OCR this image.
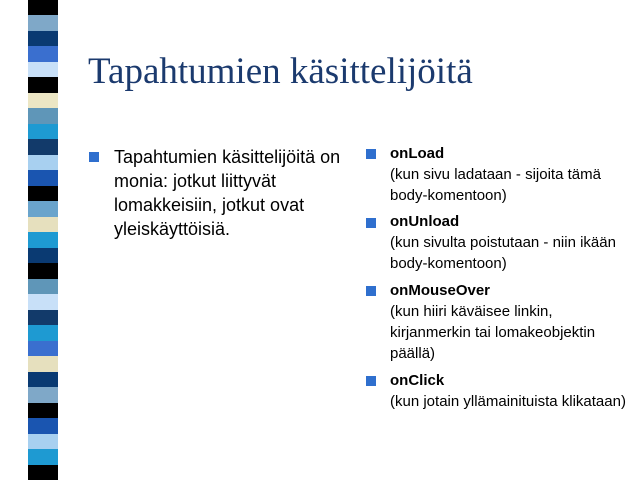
Tapahtumien käsittelijöitä
Tapahtumien käsittelijöitä on monia: jotkut liittyvät lomakkeisiin, jotkut ovat yleiskäyttöisiä.
onLoad
(kun sivu ladataan - sijoita tämä body-komentoon)
onUnload
(kun sivulta poistutaan - niin ikään body-komentoon)
onMouseOver
(kun hiiri käväisee linkin, kirjanmerkin tai lomakeobjektin päällä)
onClick
(kun jotain yllämainituista klikataan)
